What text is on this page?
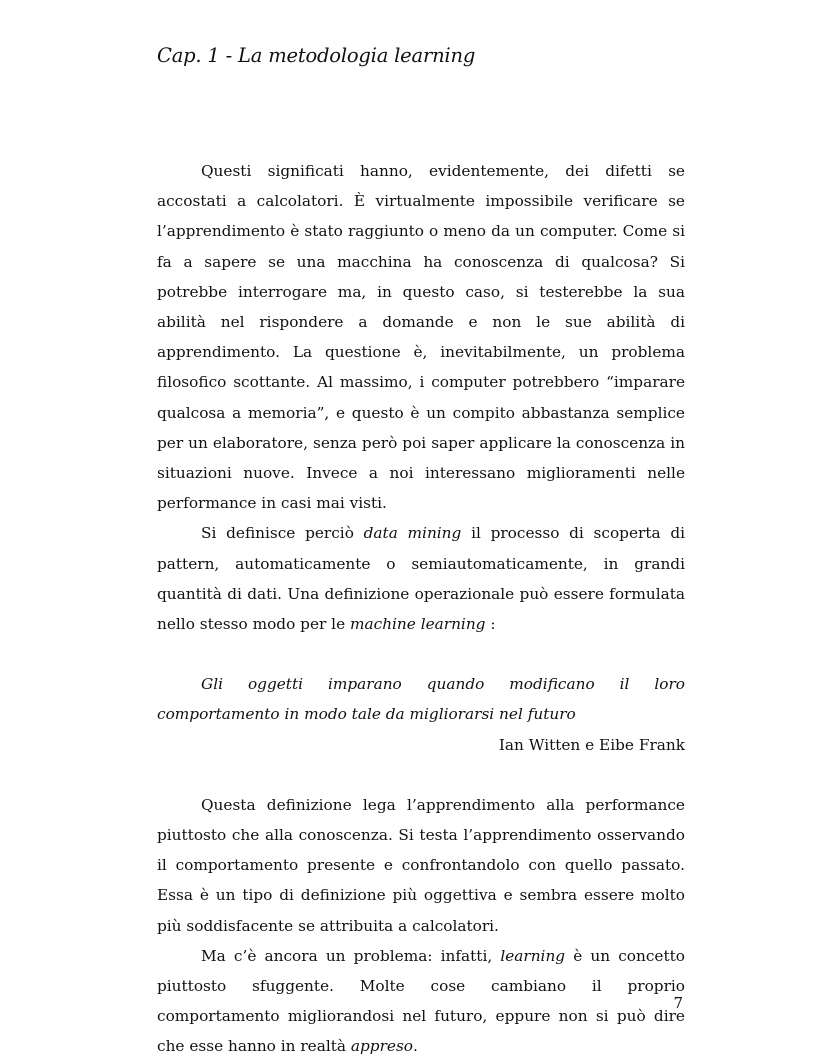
Cap. 1 - La metodologia learning

Questi significati hanno, evidentemente, dei difetti se accostati a calcolatori. È virtualmente impossibile verificare se l’apprendimento è stato raggiunto o meno da un computer. Come si fa a sapere se una macchina ha conoscenza di qualcosa? Si potrebbe interrogare ma, in questo caso, si testerebbe la sua abilità nel rispondere a domande e non le sue abilità di apprendimento. La questione è, inevitabilmente, un problema filosofico scottante. Al massimo, i computer potrebbero “imparare qualcosa a memoria”, e questo è un compito abbastanza semplice per un elaboratore, senza però poi saper applicare la conoscenza in situazioni nuove. Invece a noi interessano miglioramenti nelle performance in casi mai visti.

Si definisce perciò data mining il processo di scoperta di pattern, automaticamente o semiautomaticamente, in grandi quantità di dati. Una definizione operazionale può essere formulata nello stesso modo per le machine learning :

Gli oggetti imparano quando modificano il loro comportamento in modo tale da migliorarsi nel futuro

Ian Witten e Eibe Frank

Questa definizione lega l’apprendimento alla performance piuttosto che alla conoscenza. Si testa l’apprendimento osservando il comportamento presente e confrontandolo con quello passato. Essa è un tipo di definizione più oggettiva e sembra essere molto più soddisfacente se attribuita a calcolatori.

Ma c’è ancora un problema: infatti, learning è un concetto piuttosto sfuggente. Molte cose cambiano il proprio comportamento migliorandosi nel futuro, eppure non si può dire che esse hanno in realtà appreso.

7
